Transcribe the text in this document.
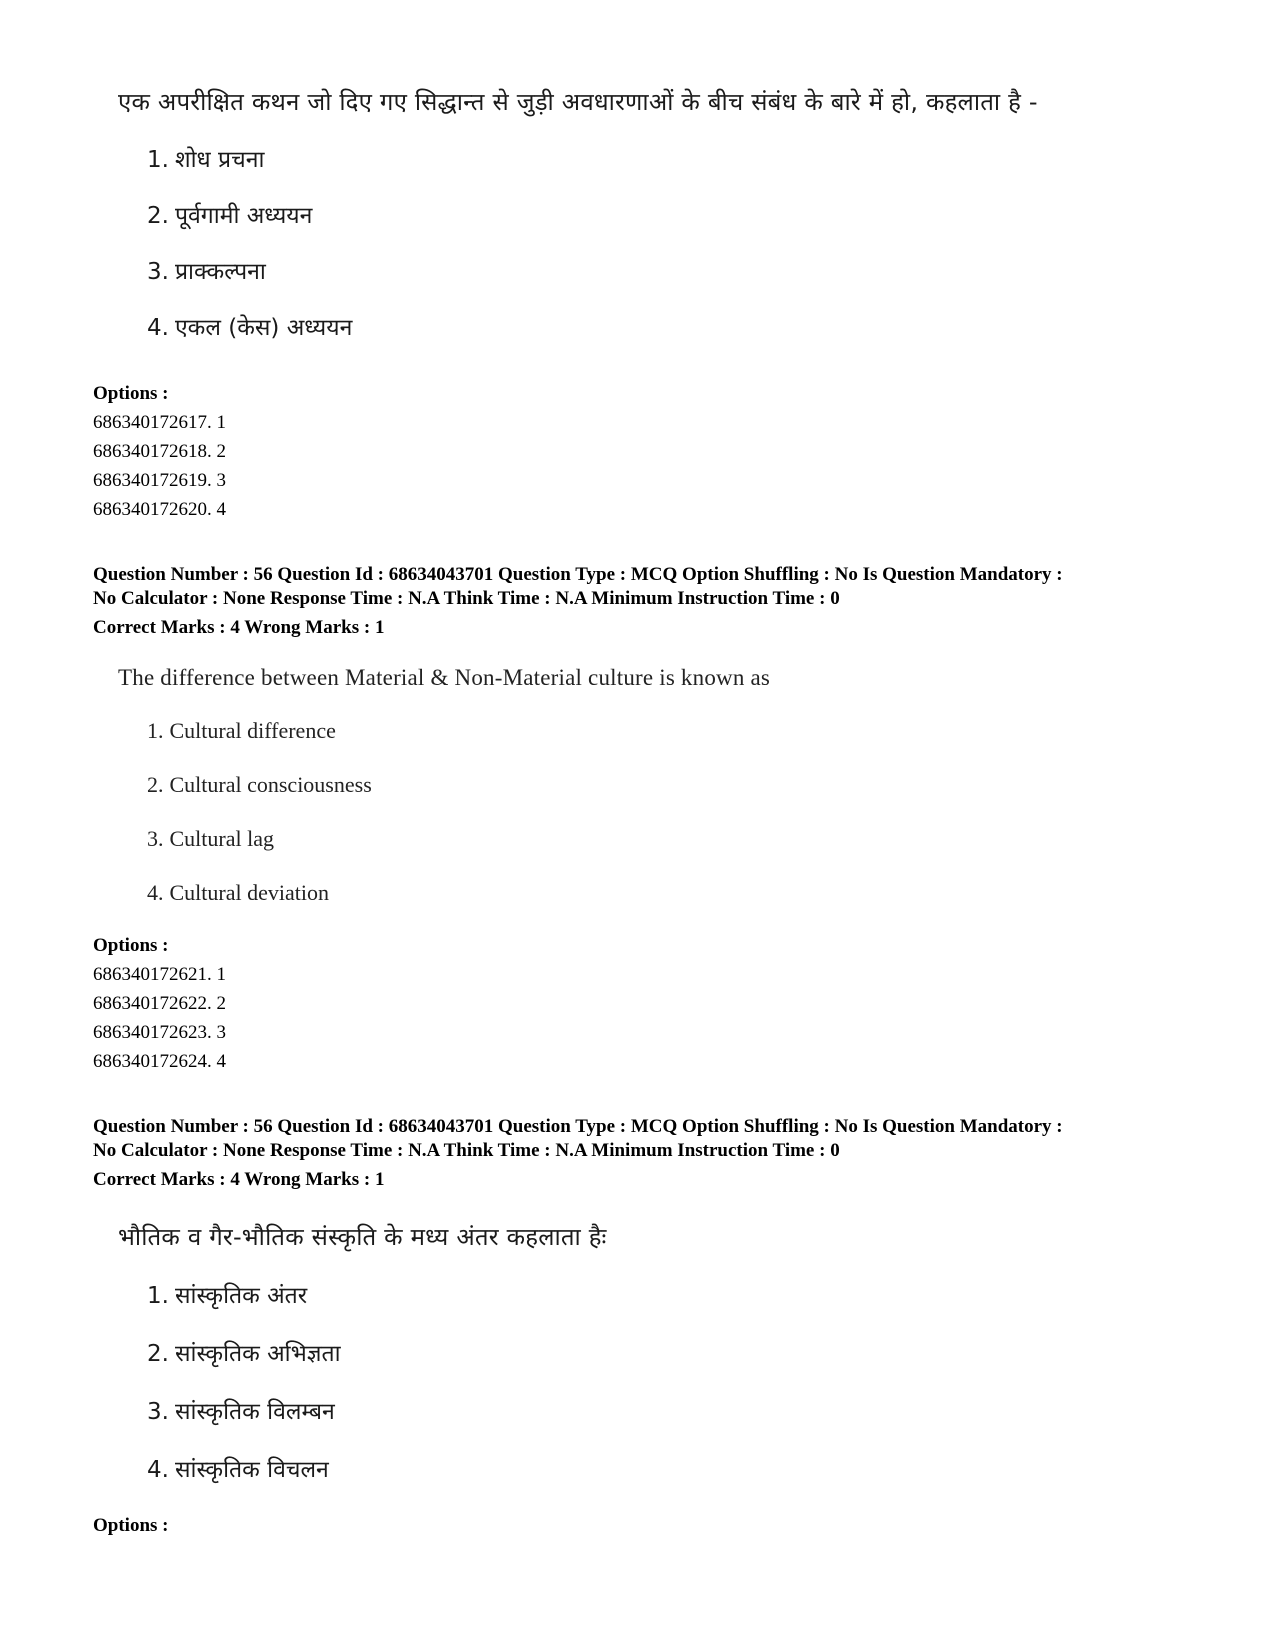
एक अपरीक्षित कथन जो दिए गए सिद्धान्त से जुड़ी अवधारणाओं के बीच संबंध के बारे में हो, कहलाता है -
1. शोध प्रचना
2. पूर्वगामी अध्ययन
3. प्राक्कल्पना
4. एकल (केस) अध्ययन
Options :
686340172617. 1
686340172618. 2
686340172619. 3
686340172620. 4
Question Number : 56 Question Id : 68634043701 Question Type : MCQ Option Shuffling : No Is Question Mandatory :
No Calculator : None Response Time : N.A Think Time : N.A Minimum Instruction Time : 0
Correct Marks : 4 Wrong Marks : 1
The difference between Material & Non-Material culture is known as
1. Cultural difference
2. Cultural consciousness
3. Cultural lag
4. Cultural deviation
Options :
686340172621. 1
686340172622. 2
686340172623. 3
686340172624. 4
Question Number : 56 Question Id : 68634043701 Question Type : MCQ Option Shuffling : No Is Question Mandatory :
No Calculator : None Response Time : N.A Think Time : N.A Minimum Instruction Time : 0
Correct Marks : 4 Wrong Marks : 1
भौतिक व गैर-भौतिक संस्कृति के मध्य अंतर कहलाता हैः
1. सांस्कृतिक अंतर
2. सांस्कृतिक अभिज्ञता
3. सांस्कृतिक विलम्बन
4. सांस्कृतिक विचलन
Options :
